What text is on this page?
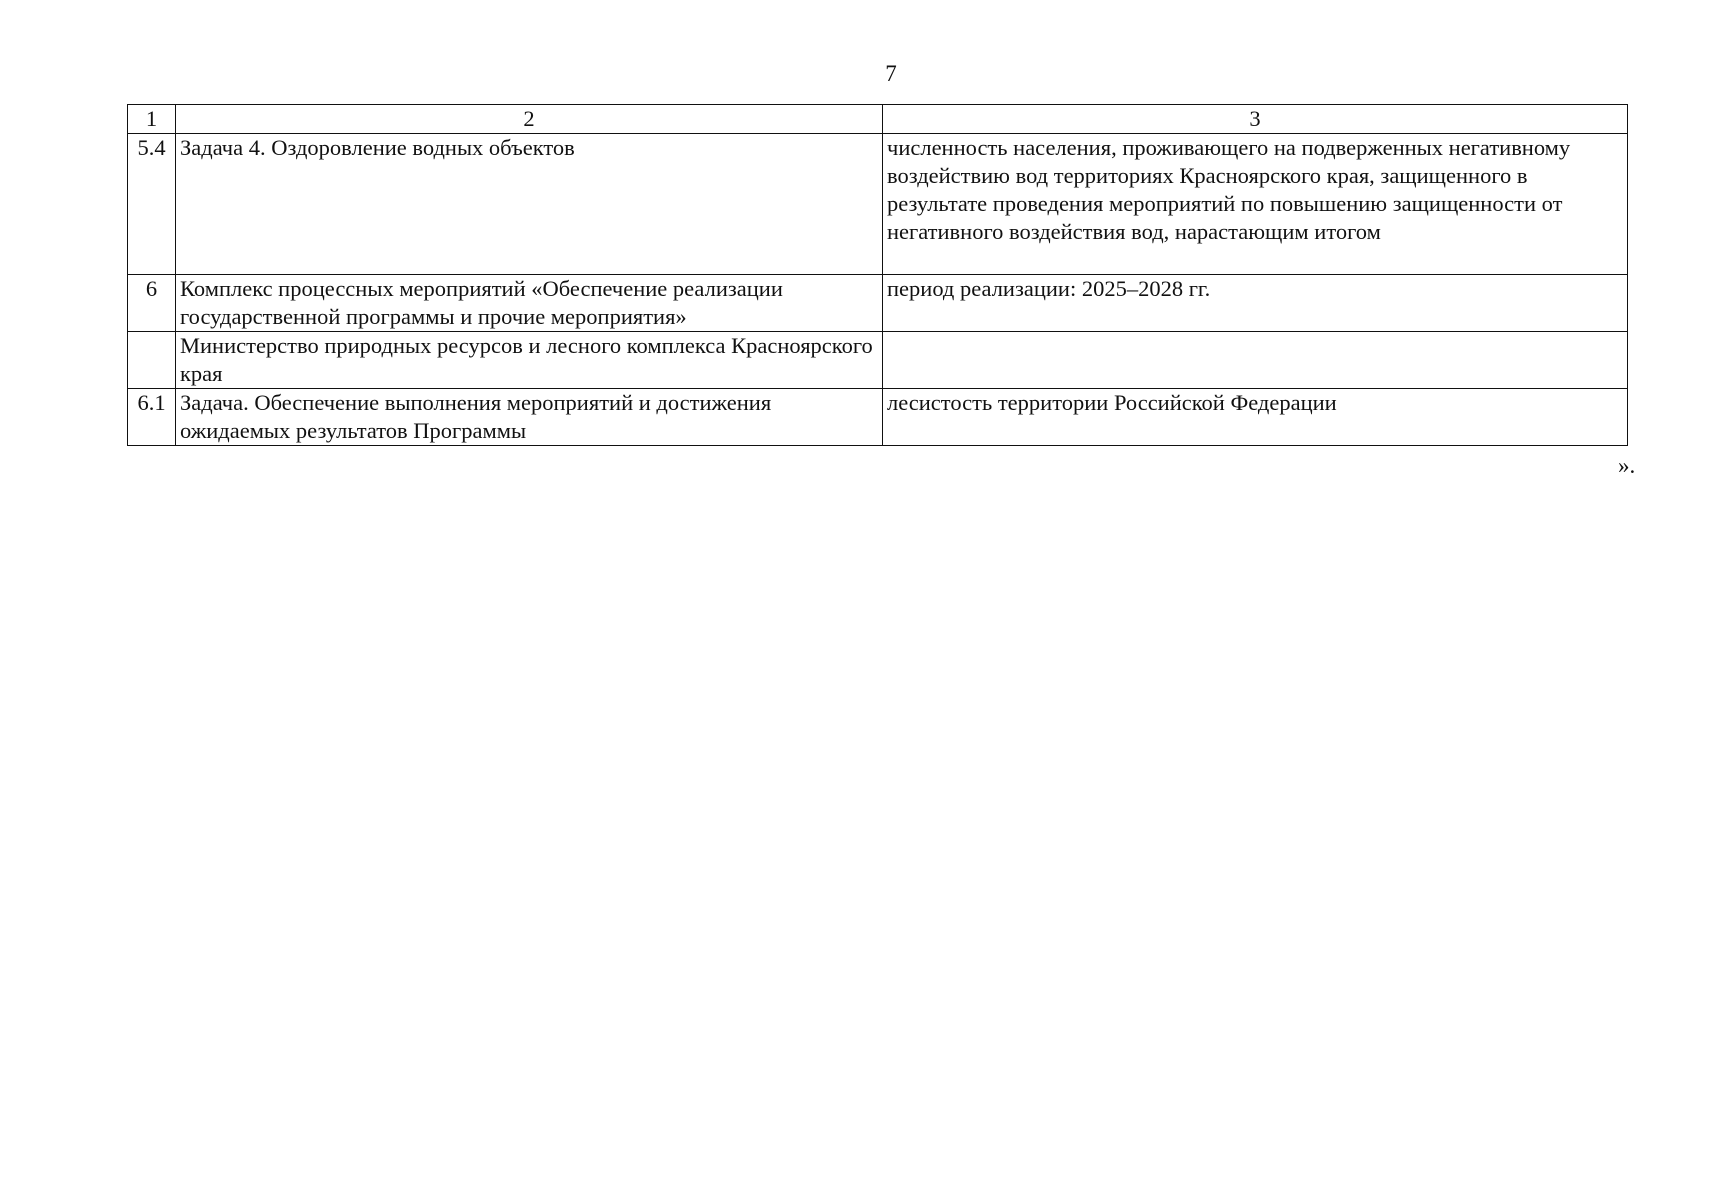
7
1	2	3
5.4	Задача 4. Оздоровление водных объектов	численность населения, проживающего на подверженных негативному воздействию вод территориях Красноярского края, защищенного в результате проведения мероприятий по повышению защищенности от негативного воздействия вод, нарастающим итогом
6	Комплекс процессных мероприятий «Обеспечение реализации государственной программы и прочие мероприятия»	период реализации: 2025–2028 гг.
	Министерство природных ресурсов и лесного комплекса Красноярского края	
6.1	Задача. Обеспечение выполнения мероприятий и достижения ожидаемых результатов Программы	лесистость территории Российской Федерации
».
